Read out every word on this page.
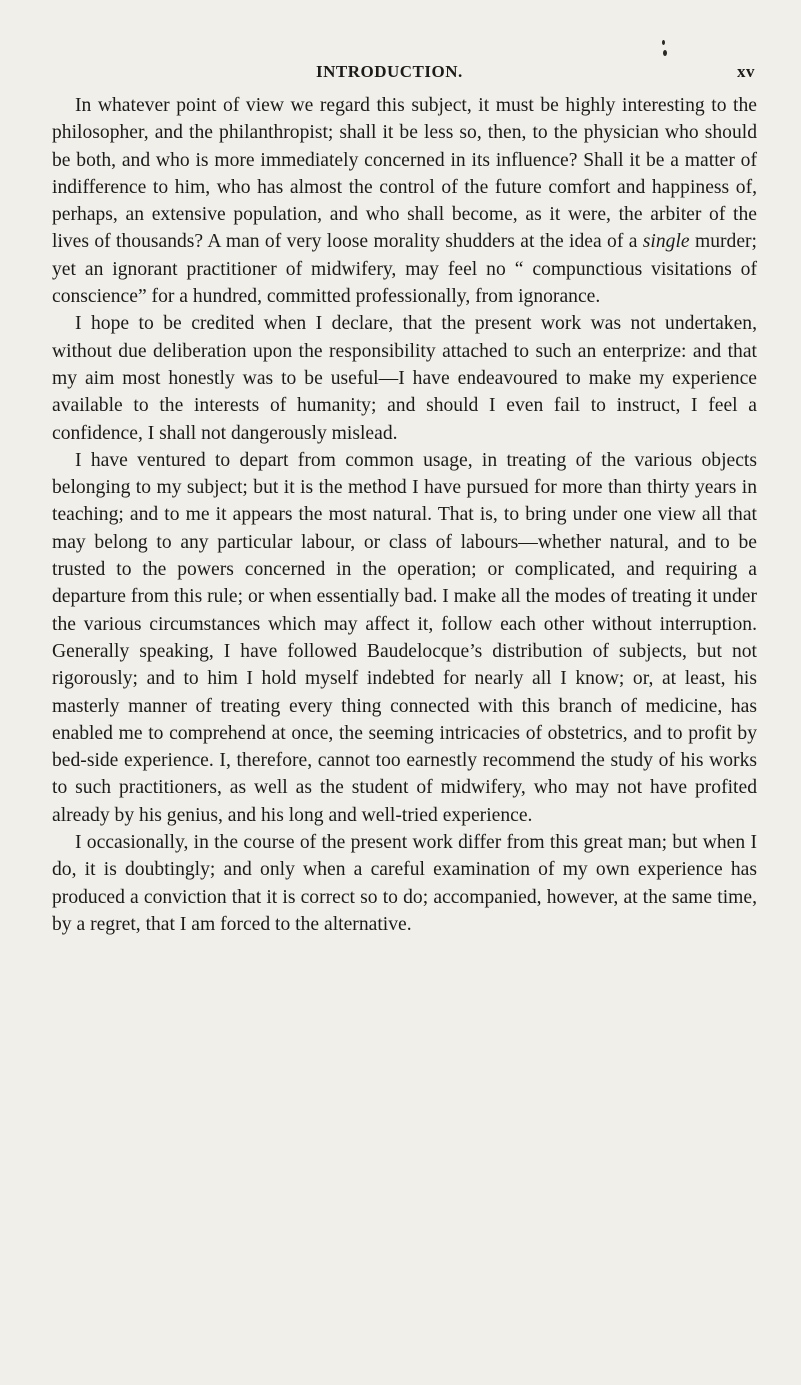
INTRODUCTION.	xv

In whatever point of view we regard this subject, it must be highly interesting to the philosopher, and the philanthropist; shall it be less so, then, to the physician who should be both, and who is more immediately concerned in its influence? Shall it be a matter of indifference to him, who has almost the control of the future comfort and happiness of, perhaps, an extensive population, and who shall become, as it were, the arbiter of the lives of thousands? A man of very loose morality shudders at the idea of a single murder; yet an ignorant practitioner of midwifery, may feel no “ compunctious visitations of conscience” for a hundred, committed professionally, from ignorance.

I hope to be credited when I declare, that the present work was not undertaken, without due deliberation upon the responsibility attached to such an enterprize: and that my aim most honestly was to be useful—I have endeavoured to make my experience available to the interests of humanity; and should I even fail to instruct, I feel a confidence, I shall not dangerously mislead.

I have ventured to depart from common usage, in treating of the various objects belonging to my subject; but it is the method I have pursued for more than thirty years in teaching; and to me it appears the most natural. That is, to bring under one view all that may belong to any particular labour, or class of labours—whether natural, and to be trusted to the powers concerned in the operation; or complicated, and requiring a departure from this rule; or when essentially bad. I make all the modes of treating it under the various circumstances which may affect it, follow each other without interruption. Generally speaking, I have followed Baudelocque’s distribution of subjects, but not rigorously; and to him I hold myself indebted for nearly all I know; or, at least, his masterly manner of treating every thing connected with this branch of medicine, has enabled me to comprehend at once, the seeming intricacies of obstetrics, and to profit by bed-side experience. I, therefore, cannot too earnestly recommend the study of his works to such practitioners, as well as the student of midwifery, who may not have profited already by his genius, and his long and well-tried experience.

I occasionally, in the course of the present work differ from this great man; but when I do, it is doubtingly; and only when a careful examination of my own experience has produced a conviction that it is correct so to do; accompanied, however, at the same time, by a regret, that I am forced to the alternative.
